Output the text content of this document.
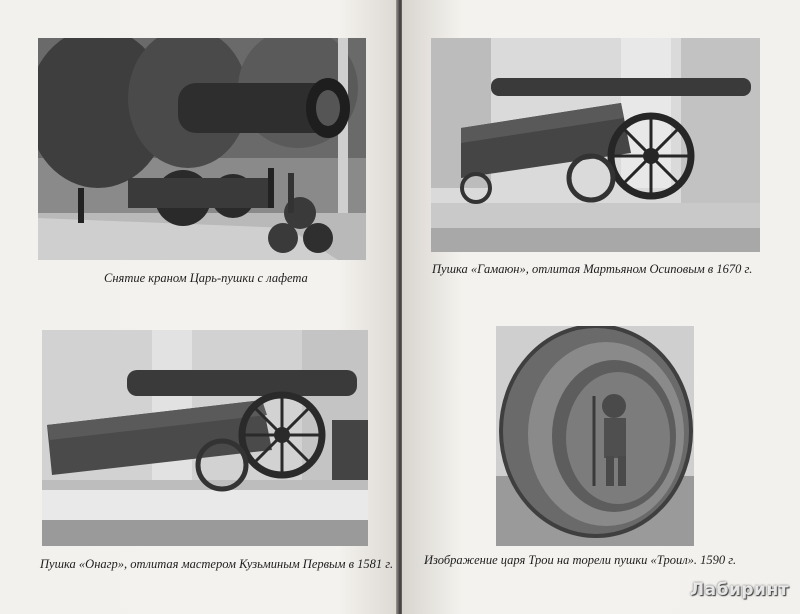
Снятие краном Царь-пушки с лафета
Пушка «Онагр», отлитая мастером Кузьминым Первым в 1581 г.
Пушка «Гамаюн», отлитая Мартьяном Осиповым в 1670 г.
Изображение царя Трои на торели пушки «Троил». 1590 г.
Лабиринт
